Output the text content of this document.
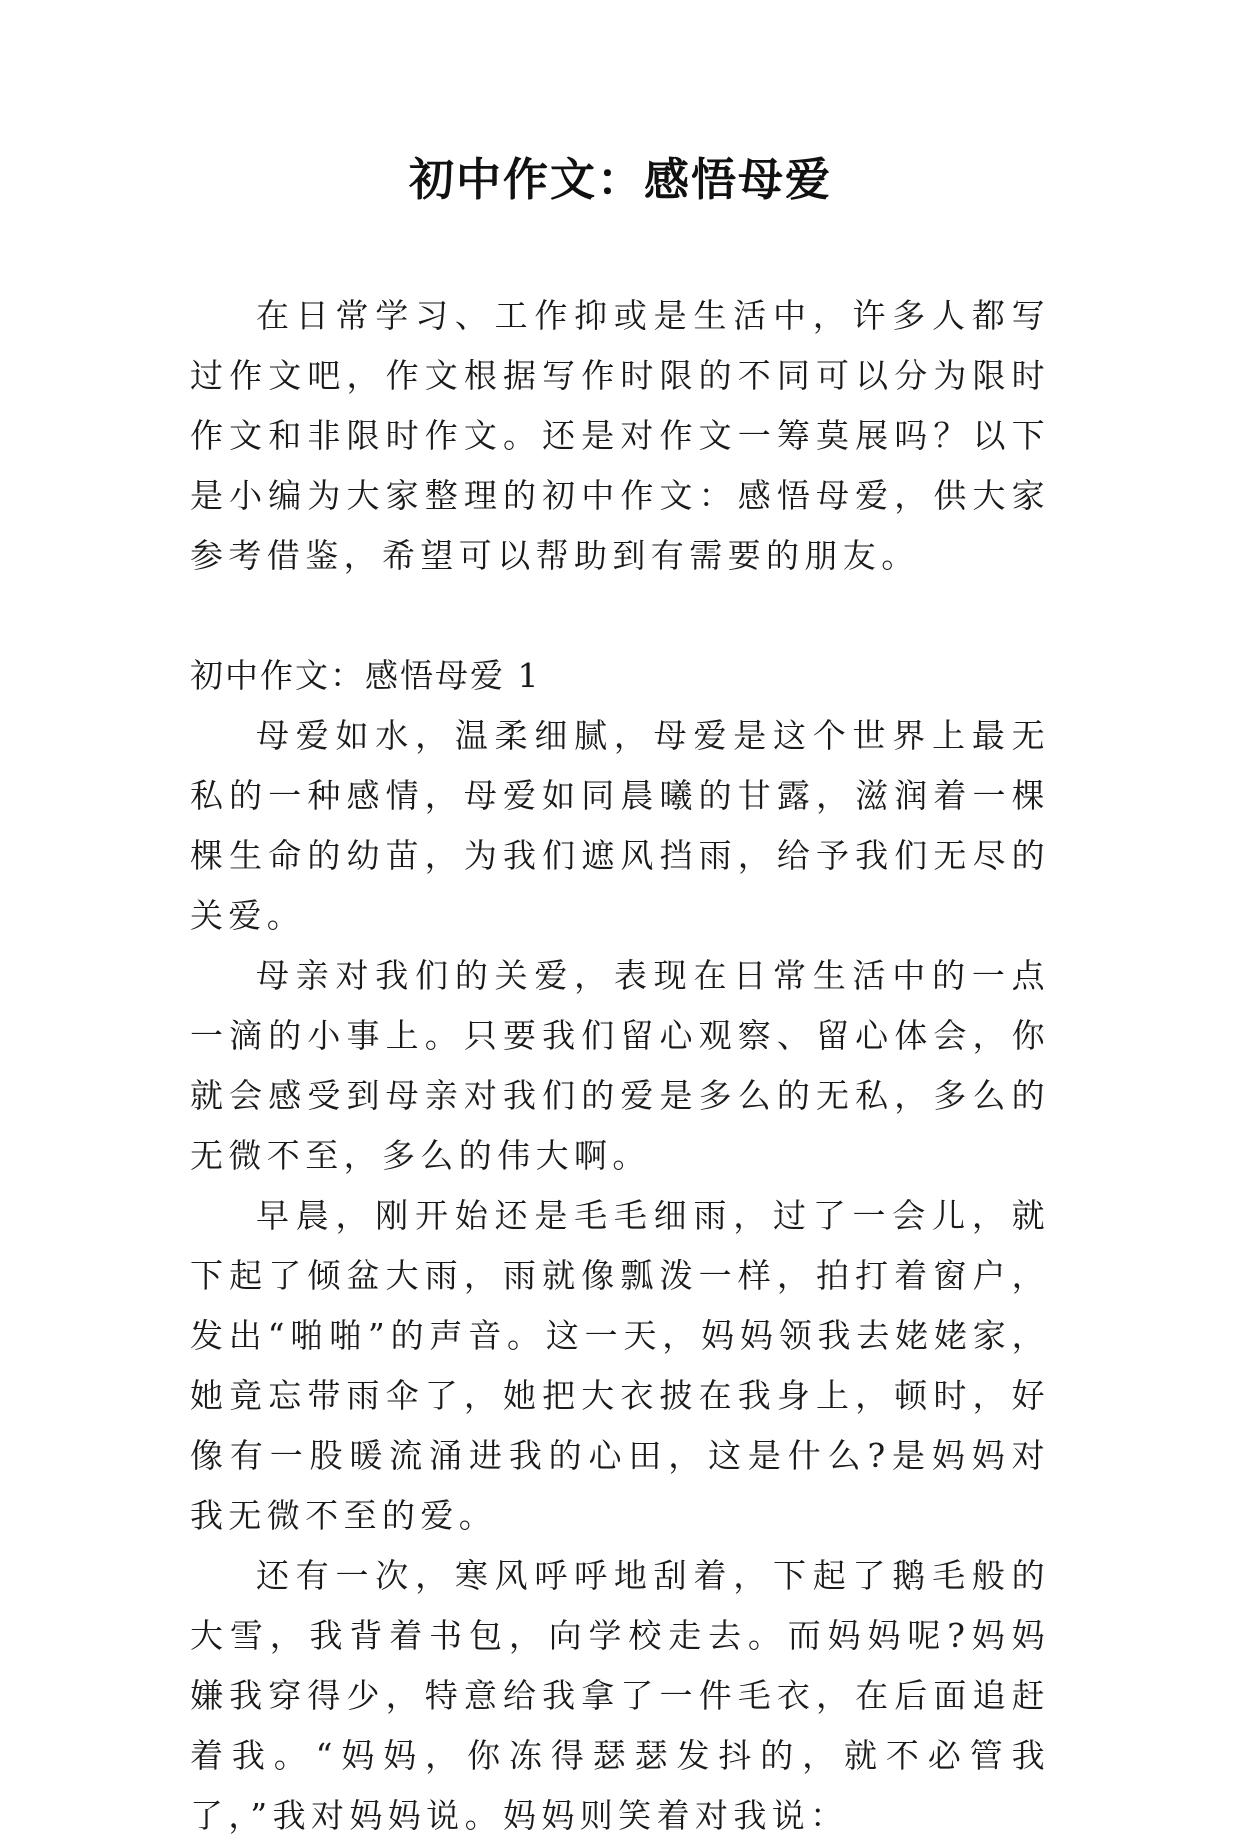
初中作文：感悟母爱

在日常学习、工作抑或是生活中，许多人都写过作文吧，作文根据写作时限的不同可以分为限时作文和非限时作文。还是对作文一筹莫展吗？以下是小编为大家整理的初中作文：感悟母爱，供大家参考借鉴，希望可以帮助到有需要的朋友。

初中作文：感悟母爱 1

母爱如水，温柔细腻，母爱是这个世界上最无私的一种感情，母爱如同晨曦的甘露，滋润着一棵棵生命的幼苗，为我们遮风挡雨，给予我们无尽的关爱。

母亲对我们的关爱，表现在日常生活中的一点一滴的小事上。只要我们留心观察、留心体会，你就会感受到母亲对我们的爱是多么的无私，多么的无微不至，多么的伟大啊。

早晨，刚开始还是毛毛细雨，过了一会儿，就下起了倾盆大雨，雨就像瓢泼一样，拍打着窗户，发出“啪啪”的声音。这一天，妈妈领我去姥姥家，她竟忘带雨伞了，她把大衣披在我身上，顿时，好像有一股暖流涌进我的心田，这是什么?是妈妈对我无微不至的爱。

还有一次，寒风呼呼地刮着，下起了鹅毛般的大雪，我背着书包，向学校走去。而妈妈呢?妈妈嫌我穿得少，特意给我拿了一件毛衣，在后面追赶着我。“妈妈，你冻得瑟瑟发抖的，就不必管我了，”我对妈妈说。妈妈则笑着对我说：
